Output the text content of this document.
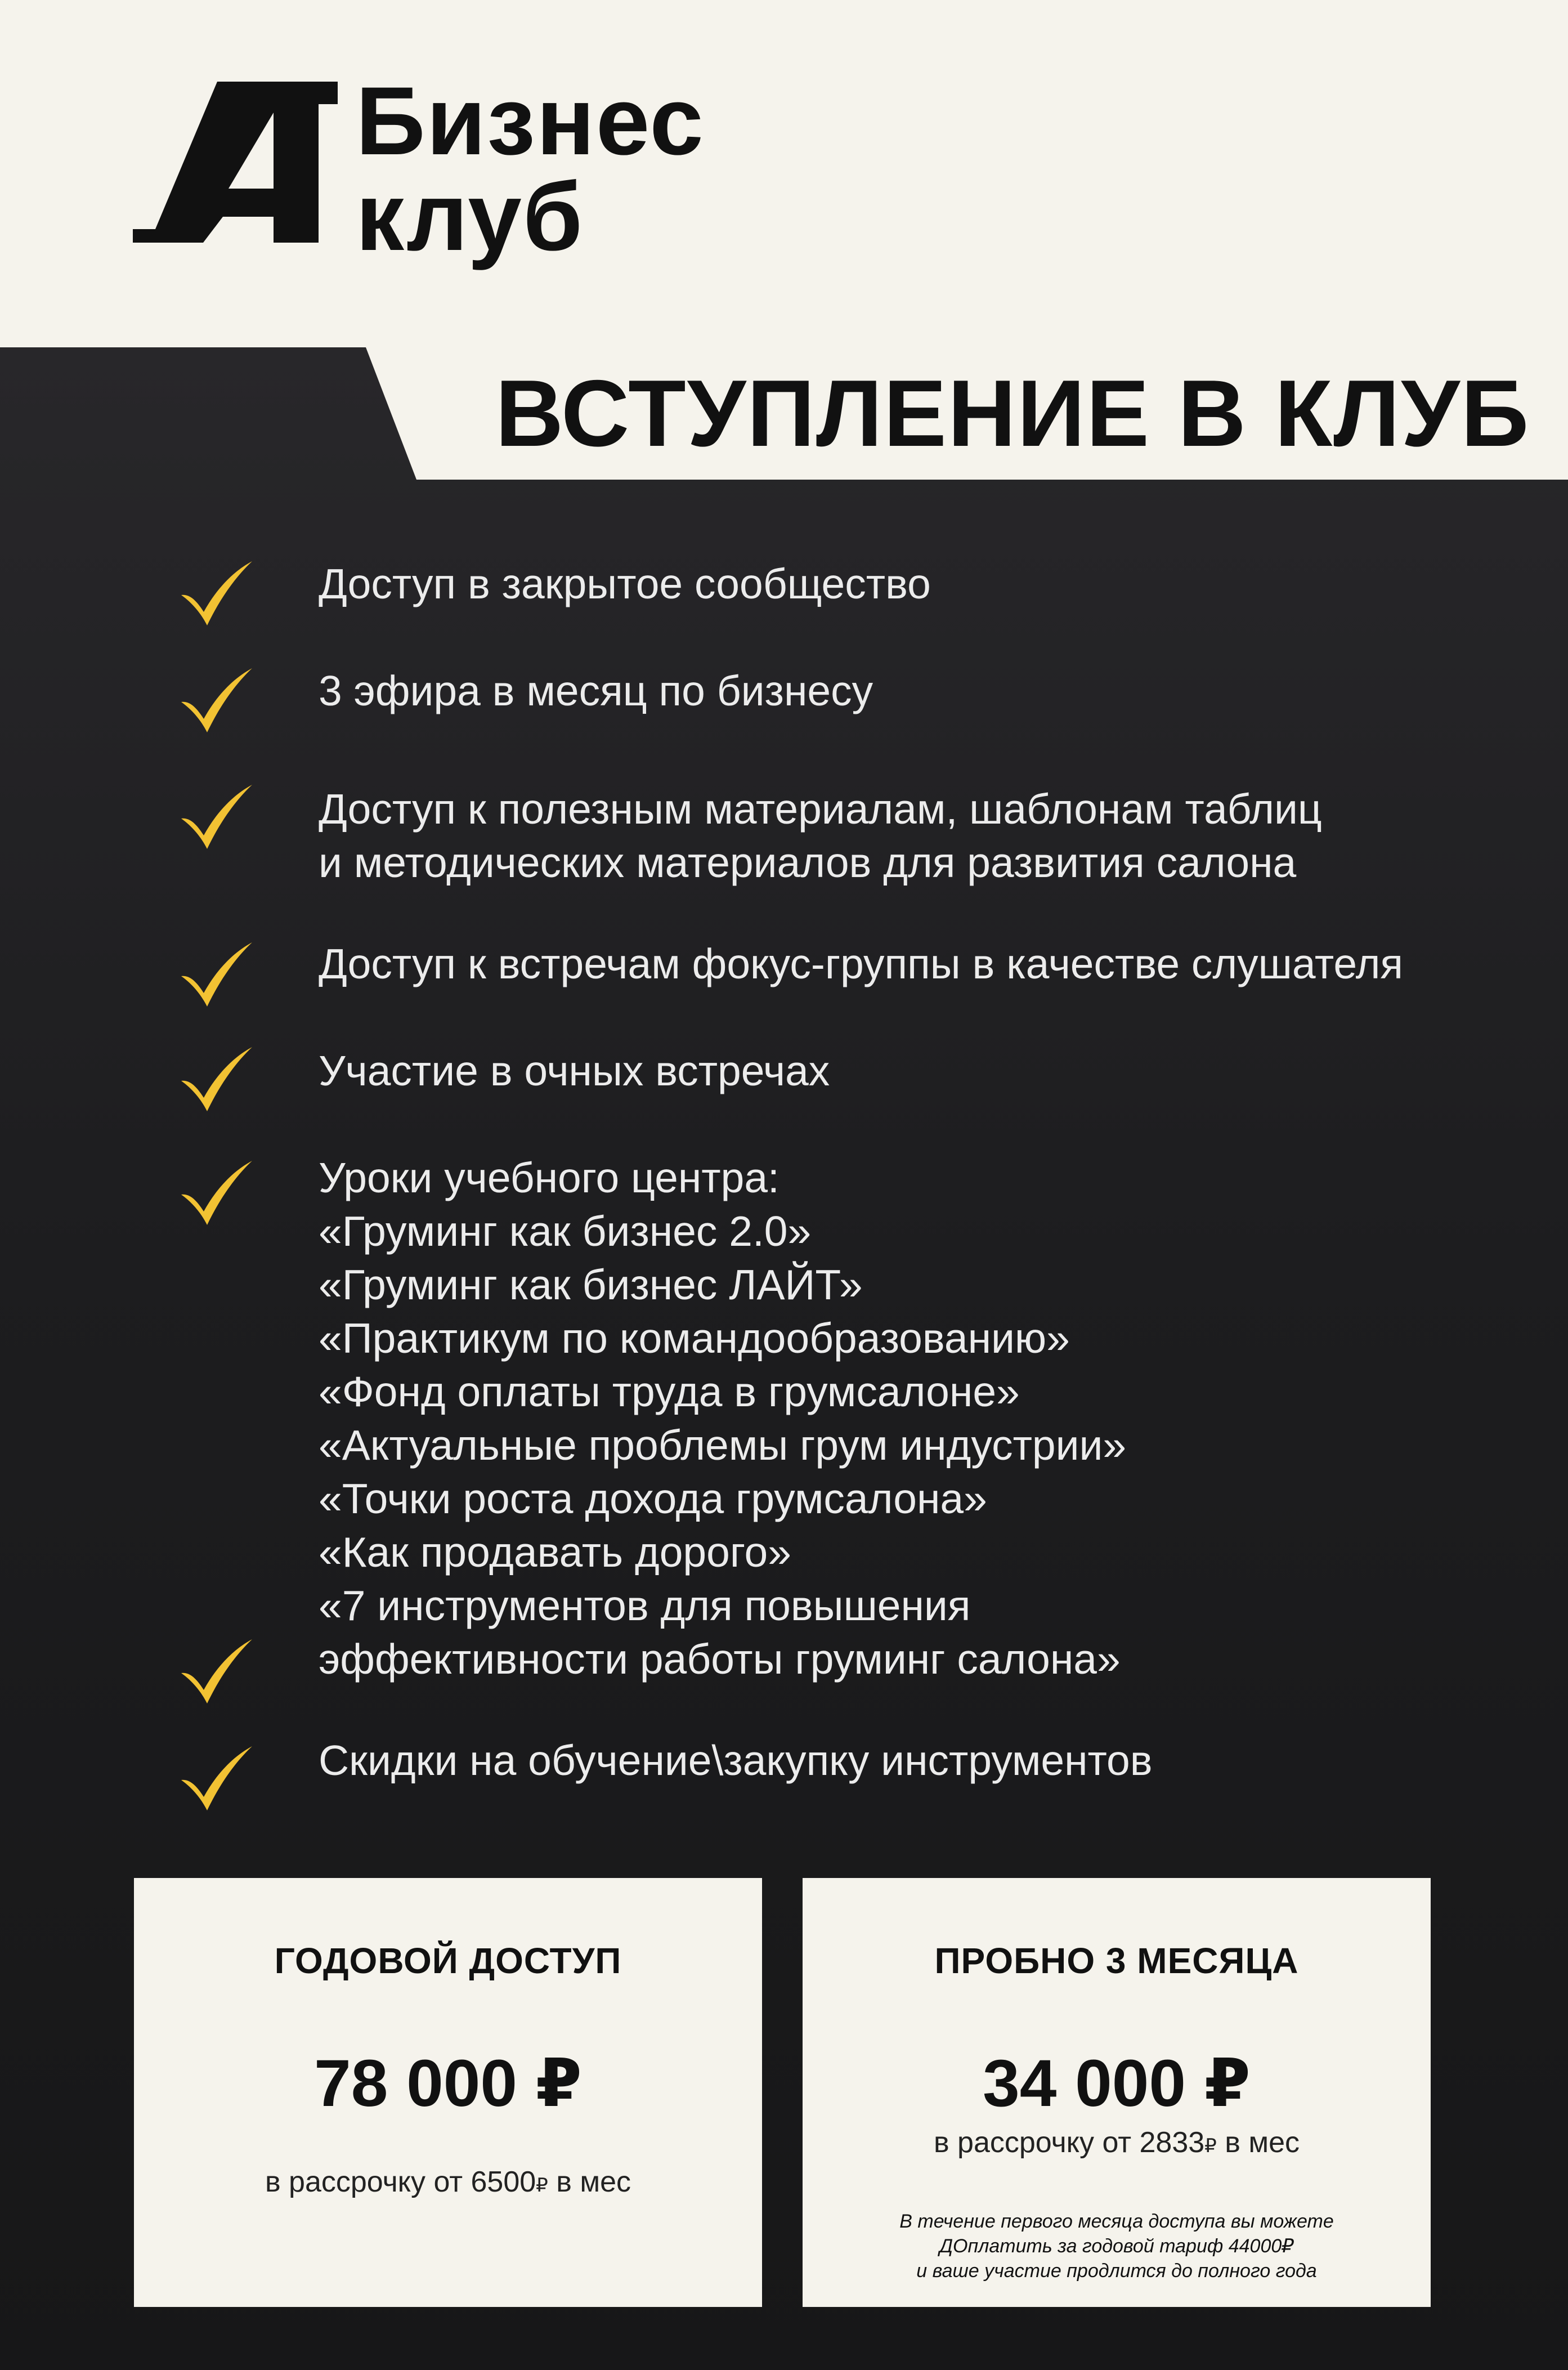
Бизнес
клуб
ВСТУПЛЕНИЕ В КЛУБ
Доступ в закрытое сообщество
3 эфира в месяц по бизнесу
Доступ к полезным материалам, шаблонам таблиц
и методических материалов для развития салона
Доступ к встречам фокус-группы в качестве слушателя
Участие в очных встречах
Уроки учебного центра:
«Груминг как бизнес 2.0»
«Груминг как бизнес ЛАЙТ»
«Практикум по командообразованию»
«Фонд оплаты труда в грумсалоне»
«Актуальные проблемы грум индустрии»
«Точки роста дохода грумсалона»
«Как продавать дорого»
«7 инструментов для повышения
эффективности работы груминг салона»
Скидки на обучение\закупку инструментов
ГОДОВОЙ ДОСТУП
78 000 ₽
в рассрочку от 6500₽ в мес
ПРОБНО 3 МЕСЯЦА
34 000 ₽
в рассрочку от 2833₽ в мес
В течение первого месяца доступа вы можете
ДОплатить за годовой тариф 44000₽
и ваше участие продлится до полного года
